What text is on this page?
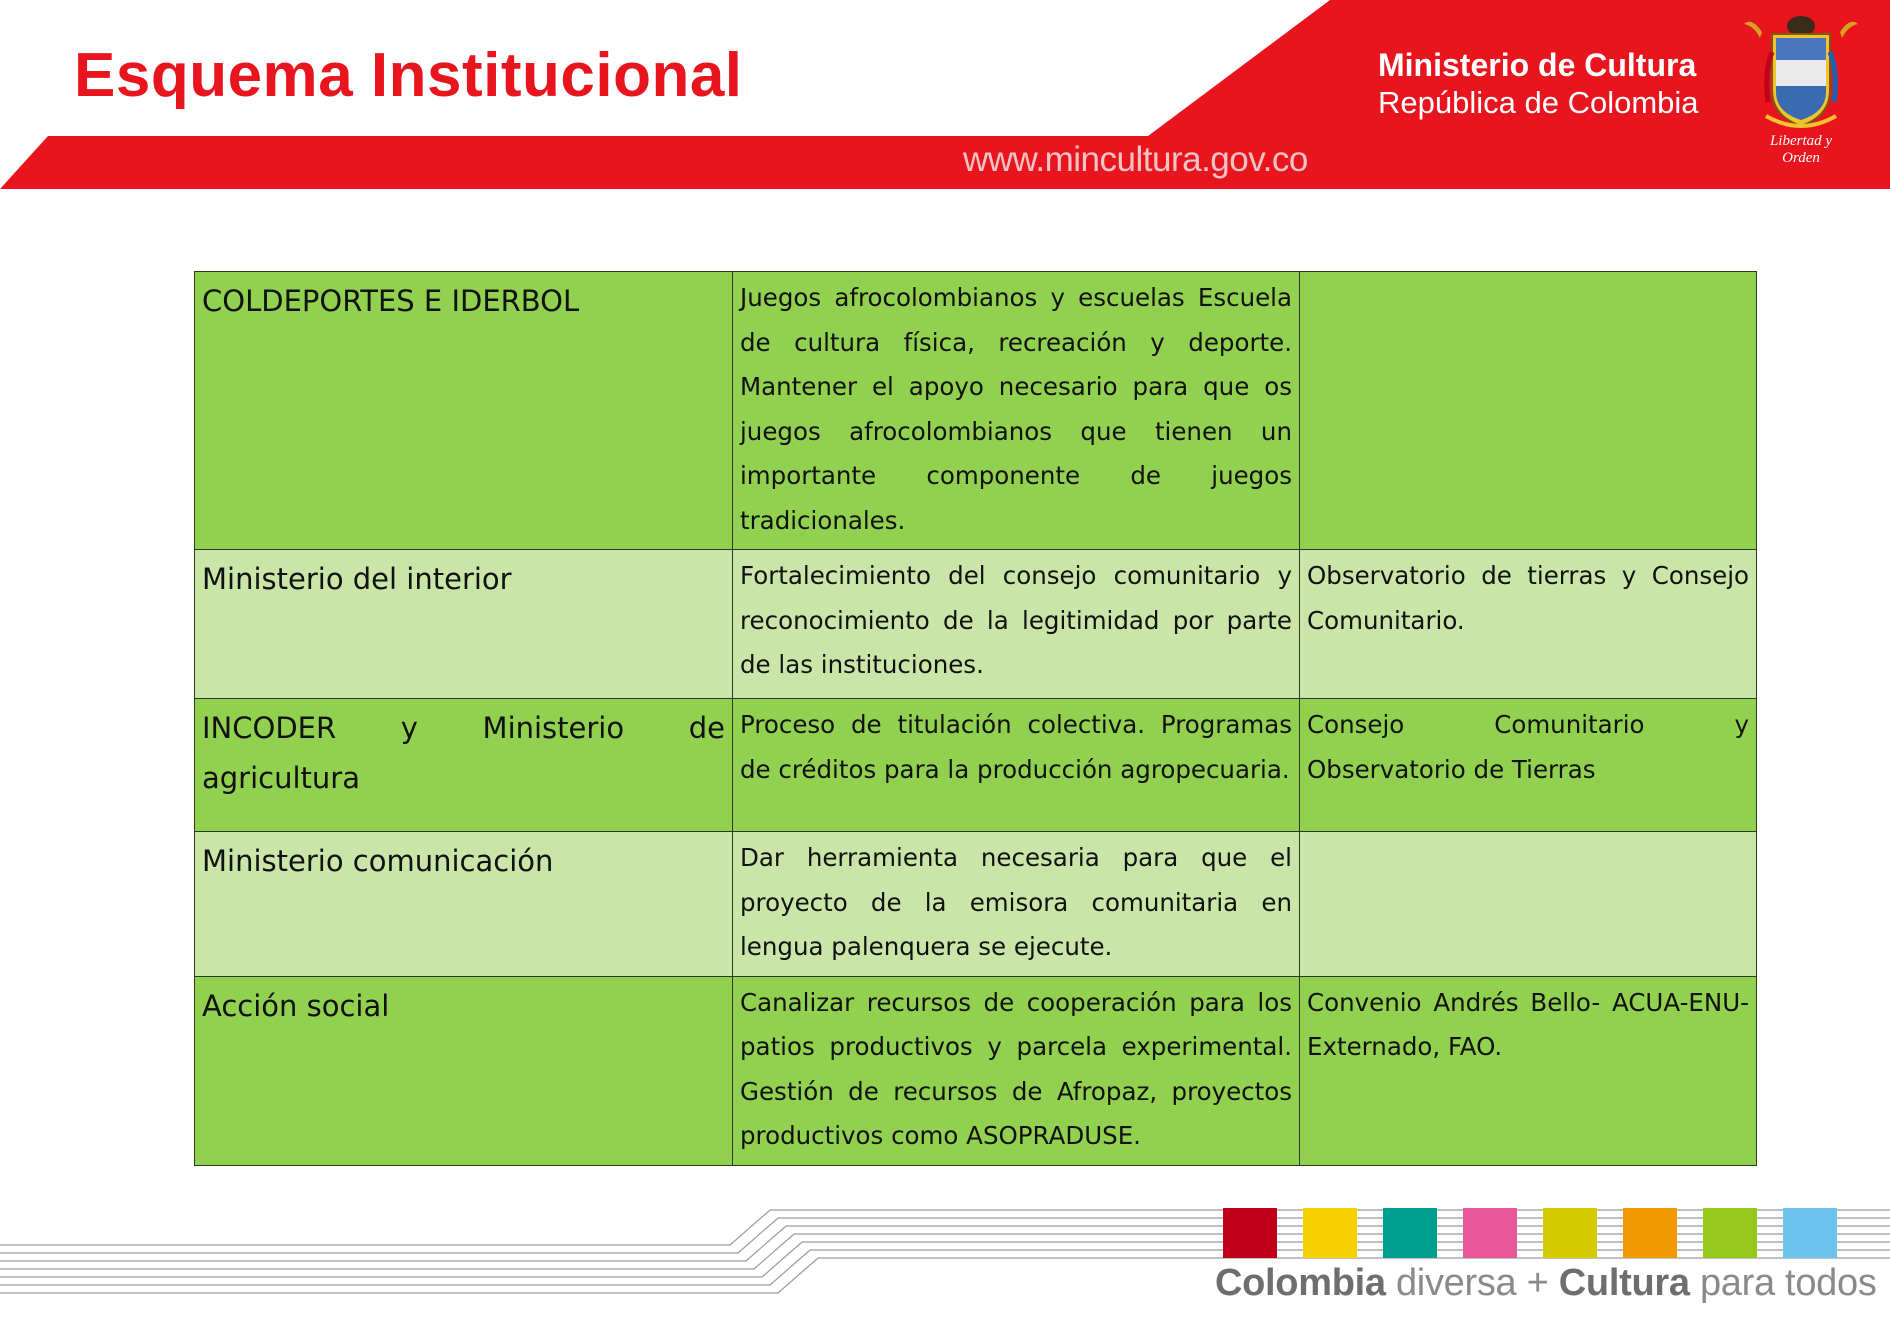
Esquema Institucional	Ministerio de Cultura
República de Colombia
www.mincultura.gov.co	Libertad y Orden
COLDEPORTES E IDERBOL	Juegos afrocolombianos y escuelas Escuela de cultura física, recreación y deporte. Mantener el apoyo necesario para que os juegos afrocolombianos que tienen un importante componente de juegos tradicionales.	
Ministerio del interior	Fortalecimiento del consejo comunitario y reconocimiento de la legitimidad por parte de las instituciones.	Observatorio de tierras y Consejo Comunitario.
INCODER y Ministerio de agricultura	Proceso de titulación colectiva. Programas de créditos para la producción agropecuaria.	Consejo Comunitario y Observatorio de Tierras
Ministerio comunicación	Dar herramienta necesaria para que el proyecto de la emisora comunitaria en lengua palenquera se ejecute.	
Acción social	Canalizar recursos de cooperación para los patios productivos y parcela experimental. Gestión de recursos de Afropaz, proyectos productivos como ASOPRADUSE.	Convenio Andrés Bello- ACUA-ENU-Externado, FAO.
Colombia diversa + Cultura para todos
